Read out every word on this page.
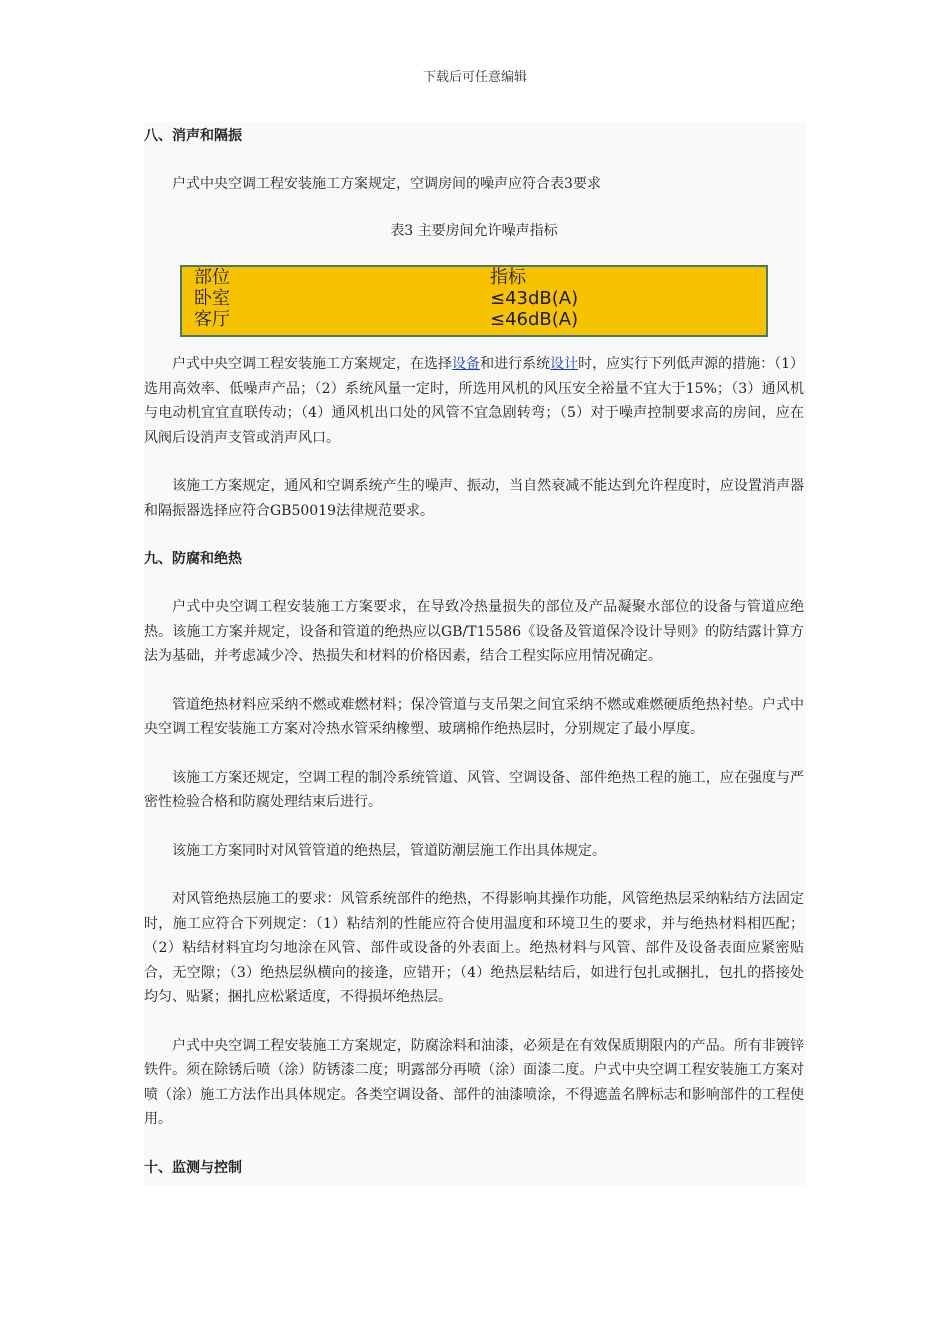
下载后可任意编辑
八、消声和隔振

户式中央空调工程安装施工方案规定，空调房间的噪声应符合表3要求

表3 主要房间允许噪声指标

户式中央空调工程安装施工方案规定，在选择设备和进行系统设计时，应实行下列低声源的措施：（1）选用高效率、低噪声产品；（2）系统风量一定时，所选用风机的风压安全裕量不宜大于15%；（3）通风机与电动机宜宜直联传动；（4）通风机出口处的风管不宜急剧转弯；（5）对于噪声控制要求高的房间，应在风阀后设消声支管或消声风口。

该施工方案规定，通风和空调系统产生的噪声、振动，当自然衰减不能达到允许程度时，应设置消声器和隔振器选择应符合GB50019法律规范要求。

九、防腐和绝热

户式中央空调工程安装施工方案要求，在导致冷热量损失的部位及产品凝聚水部位的设备与管道应绝热。该施工方案并规定，设备和管道的绝热应以GB/T15586《设备及管道保冷设计导则》的防结露计算方法为基础，并考虑减少冷、热损失和材料的价格因素，结合工程实际应用情况确定。

管道绝热材料应采纳不燃或难燃材料；保冷管道与支吊架之间宜采纳不燃或难燃硬质绝热衬垫。户式中央空调工程安装施工方案对冷热水管采纳橡塑、玻璃棉作绝热层时，分别规定了最小厚度。

该施工方案还规定，空调工程的制冷系统管道、风管、空调设备、部件绝热工程的施工，应在强度与严密性检验合格和防腐处理结束后进行。

该施工方案同时对风管管道的绝热层，管道防潮层施工作出具体规定。

对风管绝热层施工的要求：风管系统部件的绝热，不得影响其操作功能，风管绝热层采纳粘结方法固定时，施工应符合下列规定：（1）粘结剂的性能应符合使用温度和环境卫生的要求，并与绝热材料相匹配；（2）粘结材料宜均匀地涂在风管、部件或设备的外表面上。绝热材料与风管、部件及设备表面应紧密贴合，无空隙；（3）绝热层纵横向的接逢，应错开；（4）绝热层粘结后，如进行包扎或捆扎，包扎的搭接处均匀、贴紧；捆扎应松紧适度，不得损坏绝热层。

户式中央空调工程安装施工方案规定，防腐涂料和油漆，必须是在有效保质期限内的产品。所有非镀锌铁件。须在除锈后喷（涂）防锈漆二度；明露部分再喷（涂）面漆二度。户式中央空调工程安装施工方案对喷（涂）施工方法作出具体规定。各类空调设备、部件的油漆喷涂，不得遮盖名牌标志和影响部件的工程使用。

十、监测与控制
部位	指标
卧室	≤43dB(A)
客厅	≤46dB(A)
